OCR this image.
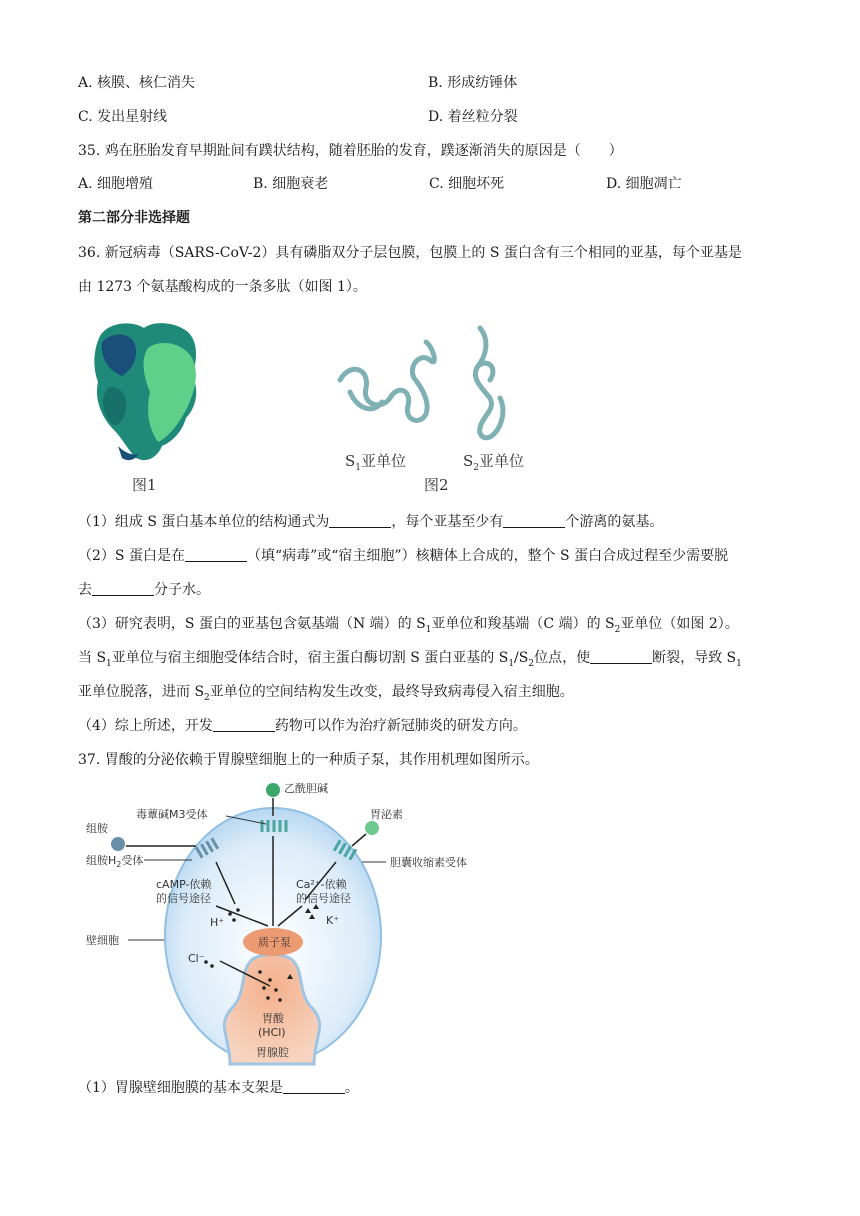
A. 核膜、核仁消失	B. 形成纺锤体
C. 发出星射线	D. 着丝粒分裂
35. 鸡在胚胎发育早期趾间有蹼状结构，随着胚胎的发育，蹼逐渐消失的原因是（　　）
A. 细胞增殖	B. 细胞衰老	C. 细胞坏死	D. 细胞凋亡
第二部分非选择题
36. 新冠病毒（SARS-CoV-2）具有磷脂双分子层包膜，包膜上的 S 蛋白含有三个相同的亚基，每个亚基是
由 1273 个氨基酸构成的一条多肽（如图 1）。
图1
$S_1$亚单位	$S_2$亚单位
图2
（1）组成 S 蛋白基本单位的结构通式为	，每个亚基至少有	个游离的氨基。
（2）S 蛋白是在	（填“病毒”或“宿主细胞”）核糖体上合成的，整个 S 蛋白合成过程至少需要脱
去	分子水。
（3）研究表明，S 蛋白的亚基包含氨基端（N 端）的 $S_1$亚单位和羧基端（C 端）的 $S_2$亚单位（如图 2）。
当 $S_1$亚单位与宿主细胞受体结合时，宿主蛋白酶切割 S 蛋白亚基的 $S_1/S_2$位点，使	断裂，导致 $S_1$
亚单位脱落，进而 $S_2$亚单位的空间结构发生改变，最终导致病毒侵入宿主细胞。
（4）综上所述，开发	药物可以作为治疗新冠肺炎的研发方向。
37. 胃酸的分泌依赖于胃腺壁细胞上的一种质子泵，其作用机理如图所示。
乙酰胆碱
毒蕈碱M3受体	胃泌素
组胺
组胺$H_2$受体	胆囊收缩素受体
cAMP-依赖
的信号途径
Ca²⁺-依赖
的信号途径
H⁺	K⁺
壁细胞	质子泵
Cl⁻
胃酸
(HCl)
胃腺腔
（1）胃腺壁细胞膜的基本支架是	。
